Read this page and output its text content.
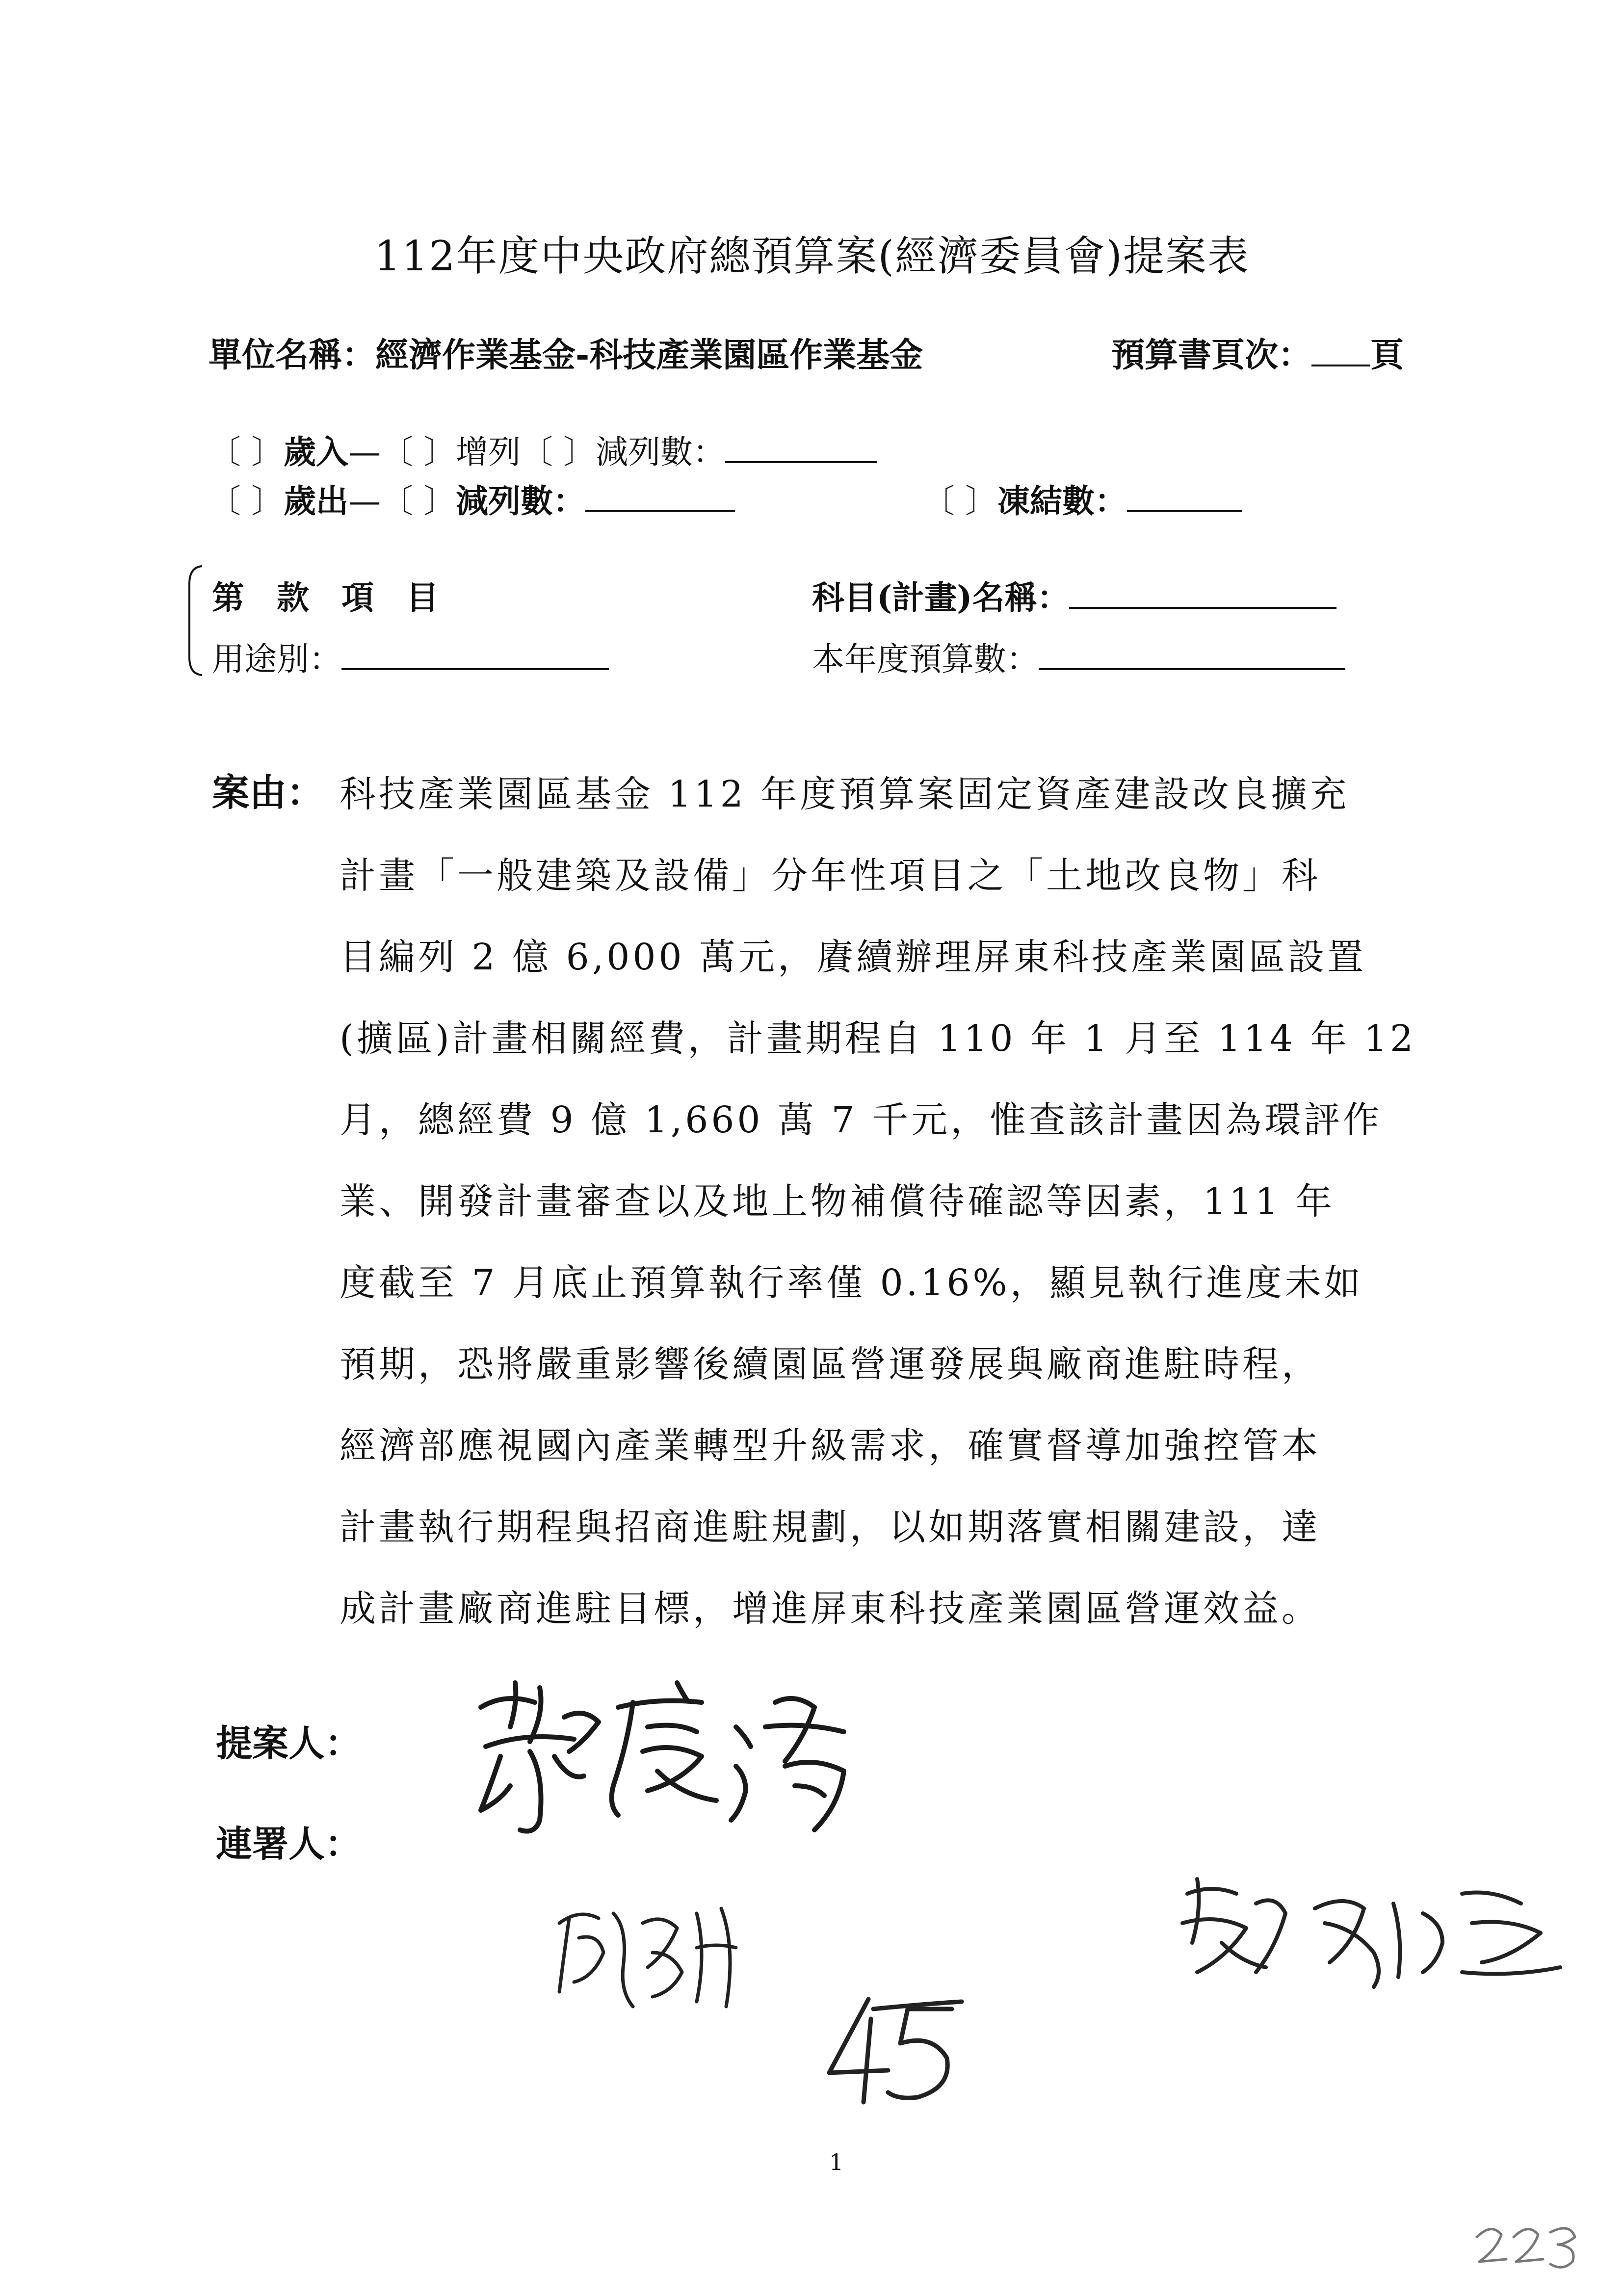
112年度中央政府總預算案(經濟委員會)提案表
單位名稱：經濟作業基金-科技產業園區作業基金	預算書頁次： 頁
〔 〕歲入—〔 〕增列〔 〕減列數：
〔 〕歲出—〔 〕減列數：	〔 〕凍結數：
第　款　項　目	科目(計畫)名稱：
用途別：	本年度預算數：
案由： 科技產業園區基金 112 年度預算案固定資產建設改良擴充
計畫「一般建築及設備」分年性項目之「土地改良物」科
目編列 2 億 6,000 萬元，賡續辦理屏東科技產業園區設置
(擴區)計畫相關經費，計畫期程自 110 年 1 月至 114 年 12
月，總經費 9 億 1,660 萬 7 千元，惟查該計畫因為環評作
業、開發計畫審查以及地上物補償待確認等因素，111 年
度截至 7 月底止預算執行率僅 0.16%，顯見執行進度未如
預期，恐將嚴重影響後續園區營運發展與廠商進駐時程，
經濟部應視國內產業轉型升級需求，確實督導加強控管本
計畫執行期程與招商進駐規劃，以如期落實相關建設，達
成計畫廠商進駐目標，增進屏東科技產業園區營運效益。
提案人：
連署人：
1
